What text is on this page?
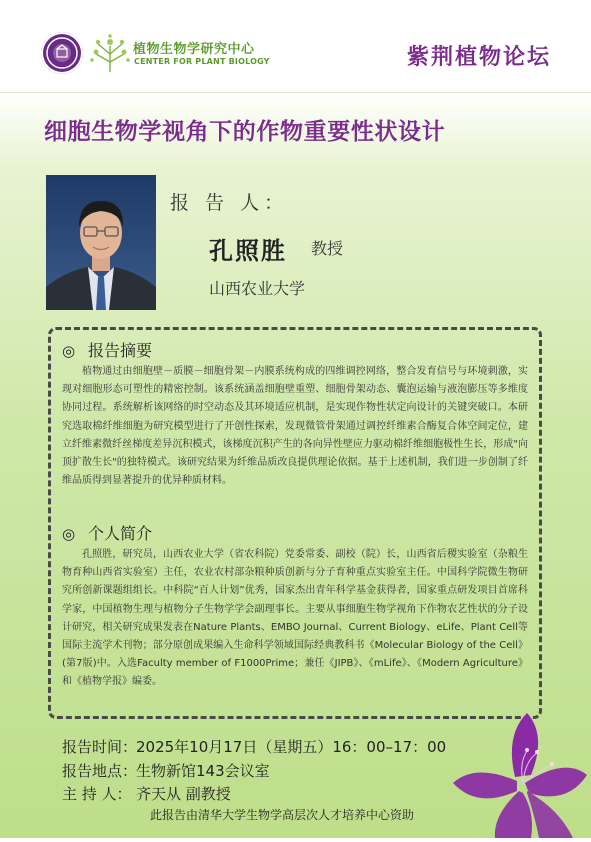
植物生物学研究中心
CENTER FOR PLANT BIOLOGY	紫荆植物论坛
细胞生物学视角下的作物重要性状设计
报 告 人：
孔照胜 教授
山西农业大学
◎ 报告摘要

植物通过由细胞壁－质膜－细胞骨架－内膜系统构成的四维调控网络，整合发育信号与环境刺激，实现对细胞形态可塑性的精密控制。该系统涵盖细胞壁重塑、细胞骨架动态、囊泡运输与液泡膨压等多维度协同过程。系统解析该网络的时空动态及其环境适应机制，是实现作物性状定向设计的关键突破口。本研究选取棉纤维细胞为研究模型进行了开创性探索，发现微管骨架通过调控纤维素合酶复合体空间定位，建立纤维素微纤丝梯度差异沉积模式，该梯度沉积产生的各向异性壁应力驱动棉纤维细胞极性生长，形成"向顶扩散生长"的独特模式。该研究结果为纤维品质改良提供理论依据。基于上述机制，我们进一步创制了纤维品质得到显著提升的优异种质材料。

◎ 个人简介

孔照胜，研究员，山西农业大学（省农科院）党委常委、副校（院）长，山西省后稷实验室（杂粮生物育种山西省实验室）主任，农业农村部杂粮种质创新与分子育种重点实验室主任。中国科学院微生物研究所创新课题组组长。中科院“百人计划”优秀，国家杰出青年科学基金获得者，国家重点研发项目首席科学家，中国植物生理与植物分子生物学学会副理事长。主要从事细胞生物学视角下作物农艺性状的分子设计研究，相关研究成果发表在Nature Plants、EMBO Journal、Current Biology、eLife、Plant Cell等国际主流学术刊物；部分原创成果编入生命科学领域国际经典教科书《Molecular Biology of the Cell》(第7版)中。入选Faculty member of F1000Prime；兼任《JIPB》、《mLife》、《Modern Agriculture》和《植物学报》编委。

报告时间：2025年10月17日（星期五）16：00–17：00
报告地点：生物新馆143会议室
主 持 人： 齐天从 副教授
此报告由清华大学生物学高层次人才培养中心资助
